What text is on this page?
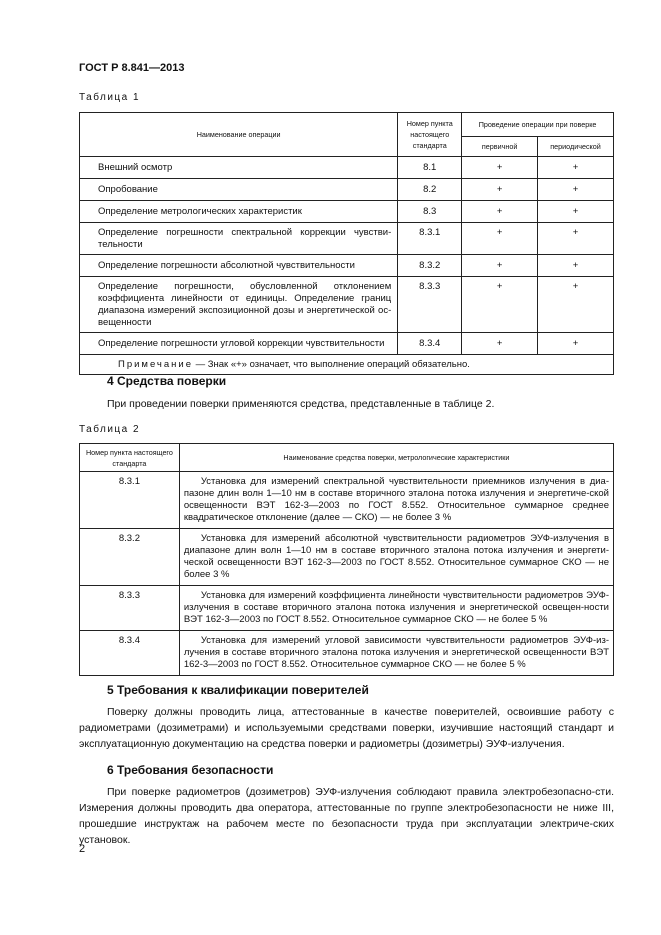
ГОСТ Р 8.841—2013
Таблица 1
Наименование операции	Номер пункта настоящего стандарта	Проведение операции при поверке	
		первичной	периодической
Внешний осмотр	8.1	+	+
Опробование	8.2	+	+
Определение метрологических характеристик	8.3	+	+
Определение погрешности спектральной коррекции чувстви-тельности	8.3.1	+	+
Определение погрешности абсолютной чувствительности	8.3.2	+	+
Определение погрешности, обусловленной отклонением коэффициента линейности от единицы. Определение границ диапазона измерений экспозиционной дозы и энергетической ос-вещенности	8.3.3	+	+
Определение погрешности угловой коррекции чувствительности	8.3.4	+	+
Примечание — Знак «+» означает, что выполнение операций обязательно.			
4 Средства поверки

При проведении поверки применяются средства, представленные в таблице 2.

Таблица 2
Номер пункта настоящего стандарта	Наименование средства поверки, метрологические характеристики
8.3.1	Установка для измерений спектральной чувствительности приемников излучения в диа-пазоне длин волн 1—10 нм в составе вторичного эталона потока излучения и энергетиче-ской освещенности ВЭТ 162-3—2003 по ГОСТ 8.552. Относительное суммарное среднее квадратическое отклонение (далее — СКО) — не более 3 %
8.3.2	Установка для измерений абсолютной чувствительности радиометров ЭУФ-излучения в диапазоне длин волн 1—10 нм в составе вторичного эталона потока излучения и энергети-ческой освещенности ВЭТ 162-3—2003 по ГОСТ 8.552. Относительное суммарное СКО — не более 3 %
8.3.3	Установка для измерений коэффициента линейности чувствительности радиометров ЭУФ-излучения в составе вторичного эталона потока излучения и энергетической освещен-ности ВЭТ 162-3—2003 по ГОСТ 8.552. Относительное суммарное СКО — не более 5 %
8.3.4	Установка для измерений угловой зависимости чувствительности радиометров ЭУФ-из-лучения в составе вторичного эталона потока излучения и энергетической освещенности ВЭТ 162-3—2003 по ГОСТ 8.552. Относительное суммарное СКО — не более 5 %
5 Требования к квалификации поверителей

Поверку должны проводить лица, аттестованные в качестве поверителей, освоившие работу с радиометрами (дозиметрами) и используемыми средствами поверки, изучившие настоящий стандарт и эксплуатационную документацию на средства поверки и радиометры (дозиметры) ЭУФ-излучения.

6 Требования безопасности

При поверке радиометров (дозиметров) ЭУФ-излучения соблюдают правила электробезопасно-сти. Измерения должны проводить два оператора, аттестованные по группе электробезопасности не ниже III, прошедшие инструктаж на рабочем месте по безопасности труда при эксплуатации электриче-ских установок.

2
